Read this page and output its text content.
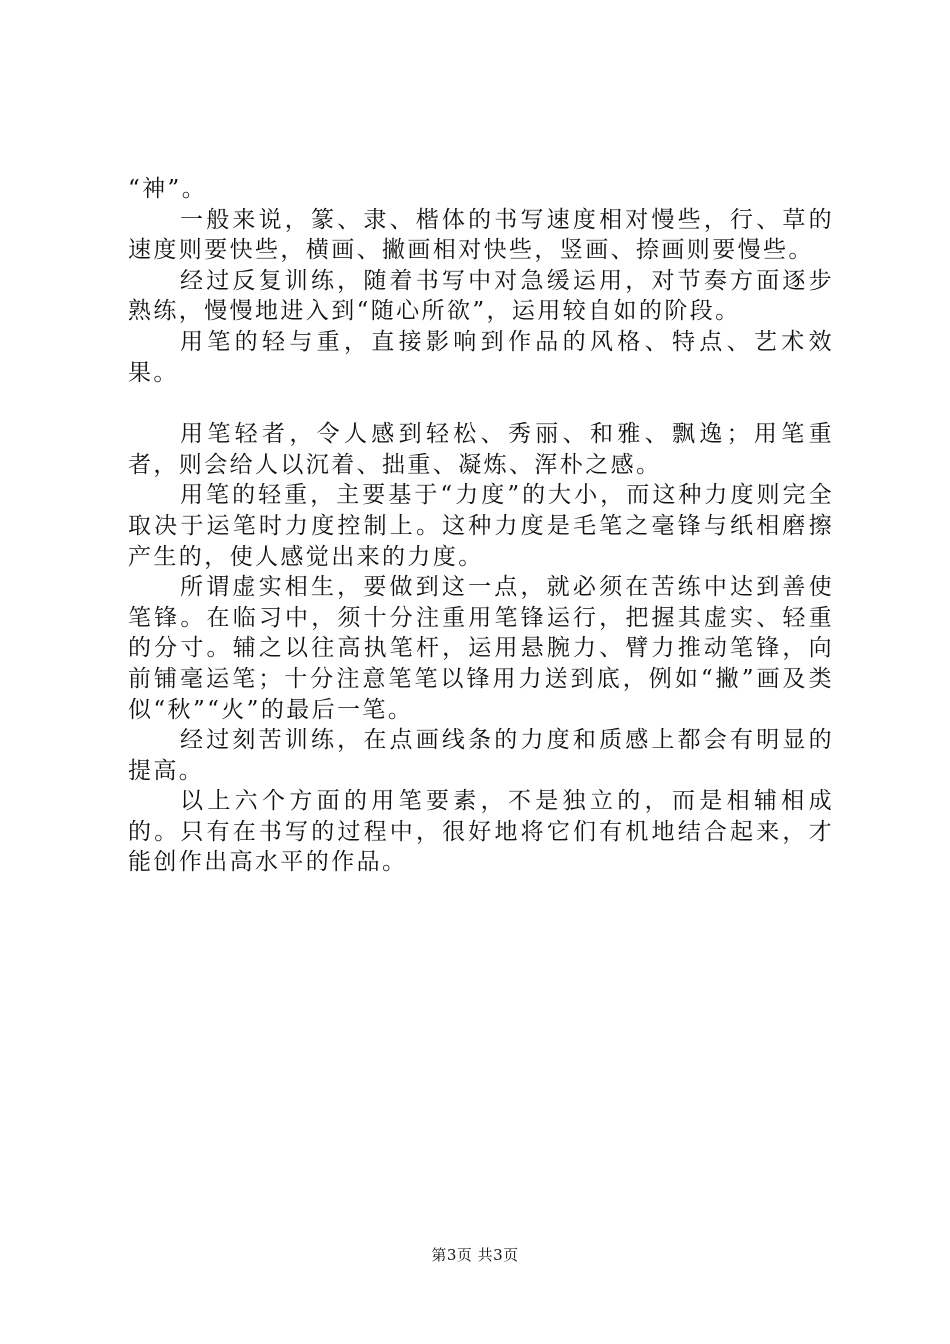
“神”。

一般来说，篆、隶、楷体的书写速度相对慢些，行、草的速度则要快些，横画、撇画相对快些，竖画、捺画则要慢些。

经过反复训练，随着书写中对急缓运用，对节奏方面逐步熟练，慢慢地进入到“随心所欲”，运用较自如的阶段。

用笔的轻与重，直接影响到作品的风格、特点、艺术效果。

用笔轻者，令人感到轻松、秀丽、和雅、飘逸；用笔重者，则会给人以沉着、拙重、凝炼、浑朴之感。

用笔的轻重，主要基于“力度”的大小，而这种力度则完全取决于运笔时力度控制上。这种力度是毛笔之毫锋与纸相磨擦产生的，使人感觉出来的力度。

所谓虚实相生，要做到这一点，就必须在苦练中达到善使笔锋。在临习中，须十分注重用笔锋运行，把握其虚实、轻重的分寸。辅之以往高执笔杆，运用悬腕力、臂力推动笔锋，向前铺毫运笔；十分注意笔笔以锋用力送到底，例如“撇”画及类似“秋”“火”的最后一笔。

经过刻苦训练，在点画线条的力度和质感上都会有明显的提高。

以上六个方面的用笔要素，不是独立的，而是相辅相成的。只有在书写的过程中，很好地将它们有机地结合起来，才能创作出高水平的作品。

第3页 共3页
